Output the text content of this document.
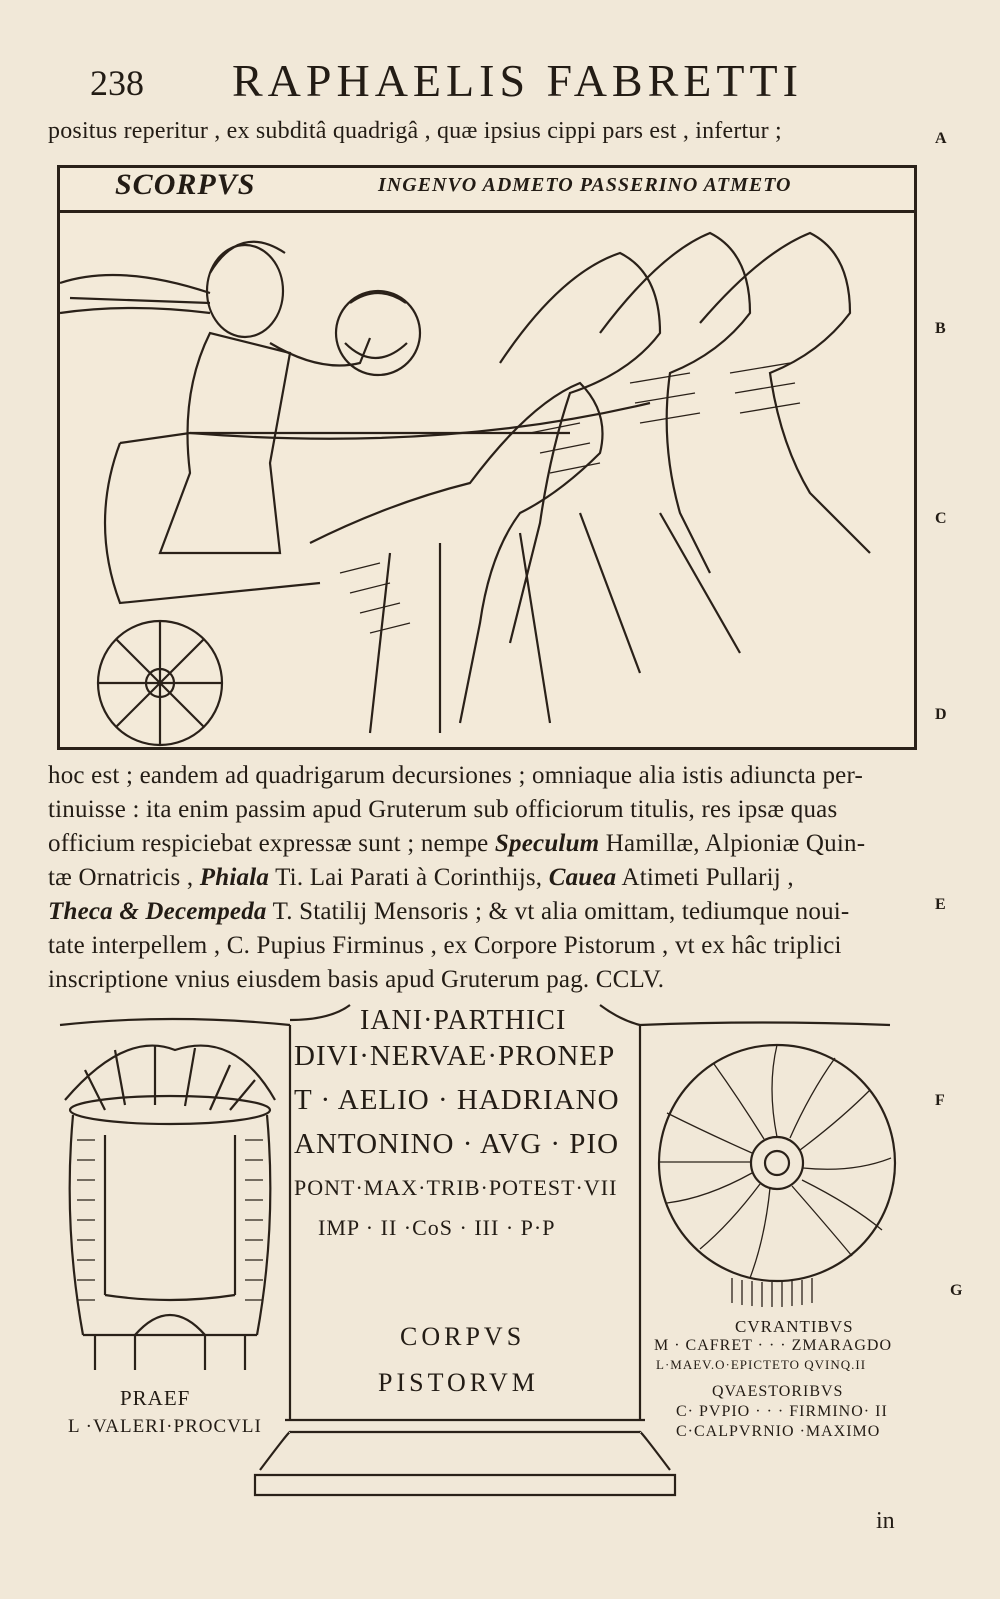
238 RAPHAELIS FABRETTI
positus reperitur , ex subditâ quadrigâ , quæ ipsius cippi pars est , infertur ;	A
B
C
D
E
F
G
SCORPVS	INGENVO ADMETO PASSERINO ATMETO
hoc est ; eandem ad quadrigarum decursiones ; omniaque alia istis adiuncta per-
tinuisse : ita enim passim apud Gruterum sub officiorum titulis, res ipsæ quas
officium respiciebat expressæ sunt ; nempe Speculum Hamillæ, Alpioniæ Quin-
tæ Ornatricis , Phiala Ti. Lai Parati à Corinthijs, Cauea Atimeti Pullarij ,
Theca & Decempeda T. Statilij Mensoris ; & vt alia omittam, tediumque noui-
tate interpellem , C. Pupius Firminus , ex Corpore Pistorum , vt ex hâc triplici
inscriptione vnius eiusdem basis apud Gruterum pag. CCLV.
IANI·PARTHICI
DIVI·NERVAE·PRONEP
T · AELIO · HADRIANO
ANTONINO · AVG · PIO
PONT·MAX·TRIB·POTEST·VII
IMP · II ·CoS · III · P·P
CORPVS
PISTORVM
PRAEF
L ·VALERI·PROCVLI
CVRANTIBVS
M · CAFRET · · · ZMARAGDO
L·MAEV.O·EPICTETO QVINQ.II
QVAESTORIBVS
C· PVPIO · · · FIRMINO· II
C·CALPVRNIO ·MAXIMO
in
